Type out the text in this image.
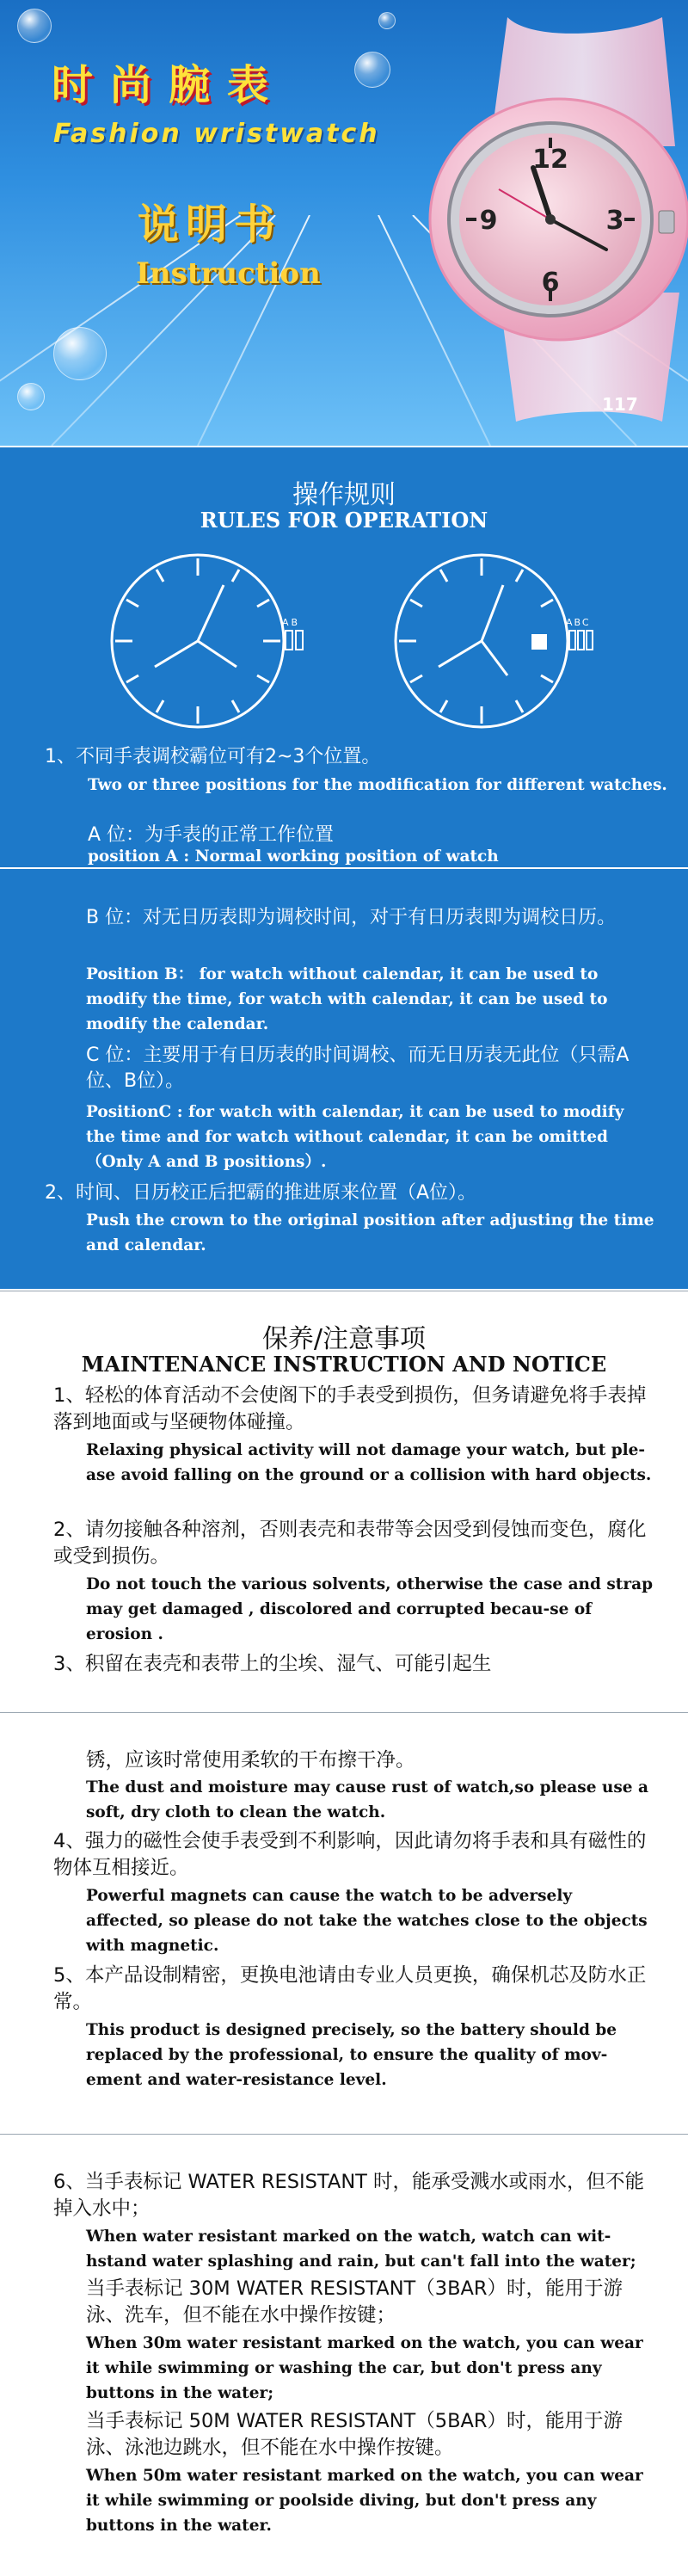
时尚腕表
Fashion wristwatch
说明书
Instruction
12
3
6
9
117
操作规则
RULES FOR OPERATION
AB	ABC
1、不同手表调校霸位可有2~3个位置。
Two or three positions for the modification for different watches.
A 位：为手表的正常工作位置
position A : Normal working position of watch
B 位：对无日历表即为调校时间，对于有日历表即为调校日历。
Position B： for watch without calendar, it can be used to modify the time, for watch with calendar, it can be used to modify the calendar.
C 位：主要用于有日历表的时间调校、而无日历表无此位（只需A位、B位）。
PositionC : for watch with calendar, it can be used to modify the time and for watch without calendar, it can be omitted（Only A and B positions）.
2、时间、日历校正后把霸的推进原来位置（A位）。
Push the crown to the original position after adjusting the time and calendar.
保养/注意事项
MAINTENANCE INSTRUCTION AND NOTICE
1、轻松的体育活动不会使阁下的手表受到损伤，但务请避免将手表掉落到地面或与坚硬物体碰撞。
Relaxing physical activity will not damage your watch, but ple-ase avoid falling on the ground or a collision with hard objects.
2、请勿接触各种溶剂，否则表壳和表带等会因受到侵蚀而变色，腐化或受到损伤。
Do not touch the various solvents, otherwise the case and strap may get damaged , discolored and corrupted becau-se of erosion .
3、积留在表壳和表带上的尘埃、湿气、可能引起生
锈，应该时常使用柔软的干布擦干净。
The dust and moisture may cause rust of watch,so please use a soft, dry cloth to clean the watch.
4、强力的磁性会使手表受到不利影响，因此请勿将手表和具有磁性的物体互相接近。
Powerful magnets can cause the watch to be adversely affected, so please do not take the watches close to the objects with magnetic.
5、本产品设制精密，更换电池请由专业人员更换，确保机芯及防水正常。
This product is designed precisely, so the battery should be replaced by the professional, to ensure the quality of mov-ement and water-resistance level.
6、当手表标记 WATER RESISTANT 时，能承受溅水或雨水，但不能掉入水中；
When water resistant marked on the watch, watch can wit-hstand water splashing and rain, but can't fall into the water;
当手表标记 30M WATER RESISTANT（3BAR）时，能用于游泳、洗车，但不能在水中操作按键；
When 30m water resistant marked on the watch, you can wear it while swimming or washing the car, but don't press any buttons in the water;
当手表标记 50M WATER RESISTANT（5BAR）时，能用于游泳、泳池边跳水，但不能在水中操作按键。
When 50m water resistant marked on the watch, you can wear it while swimming or poolside diving, but don't press any buttons in the water.
